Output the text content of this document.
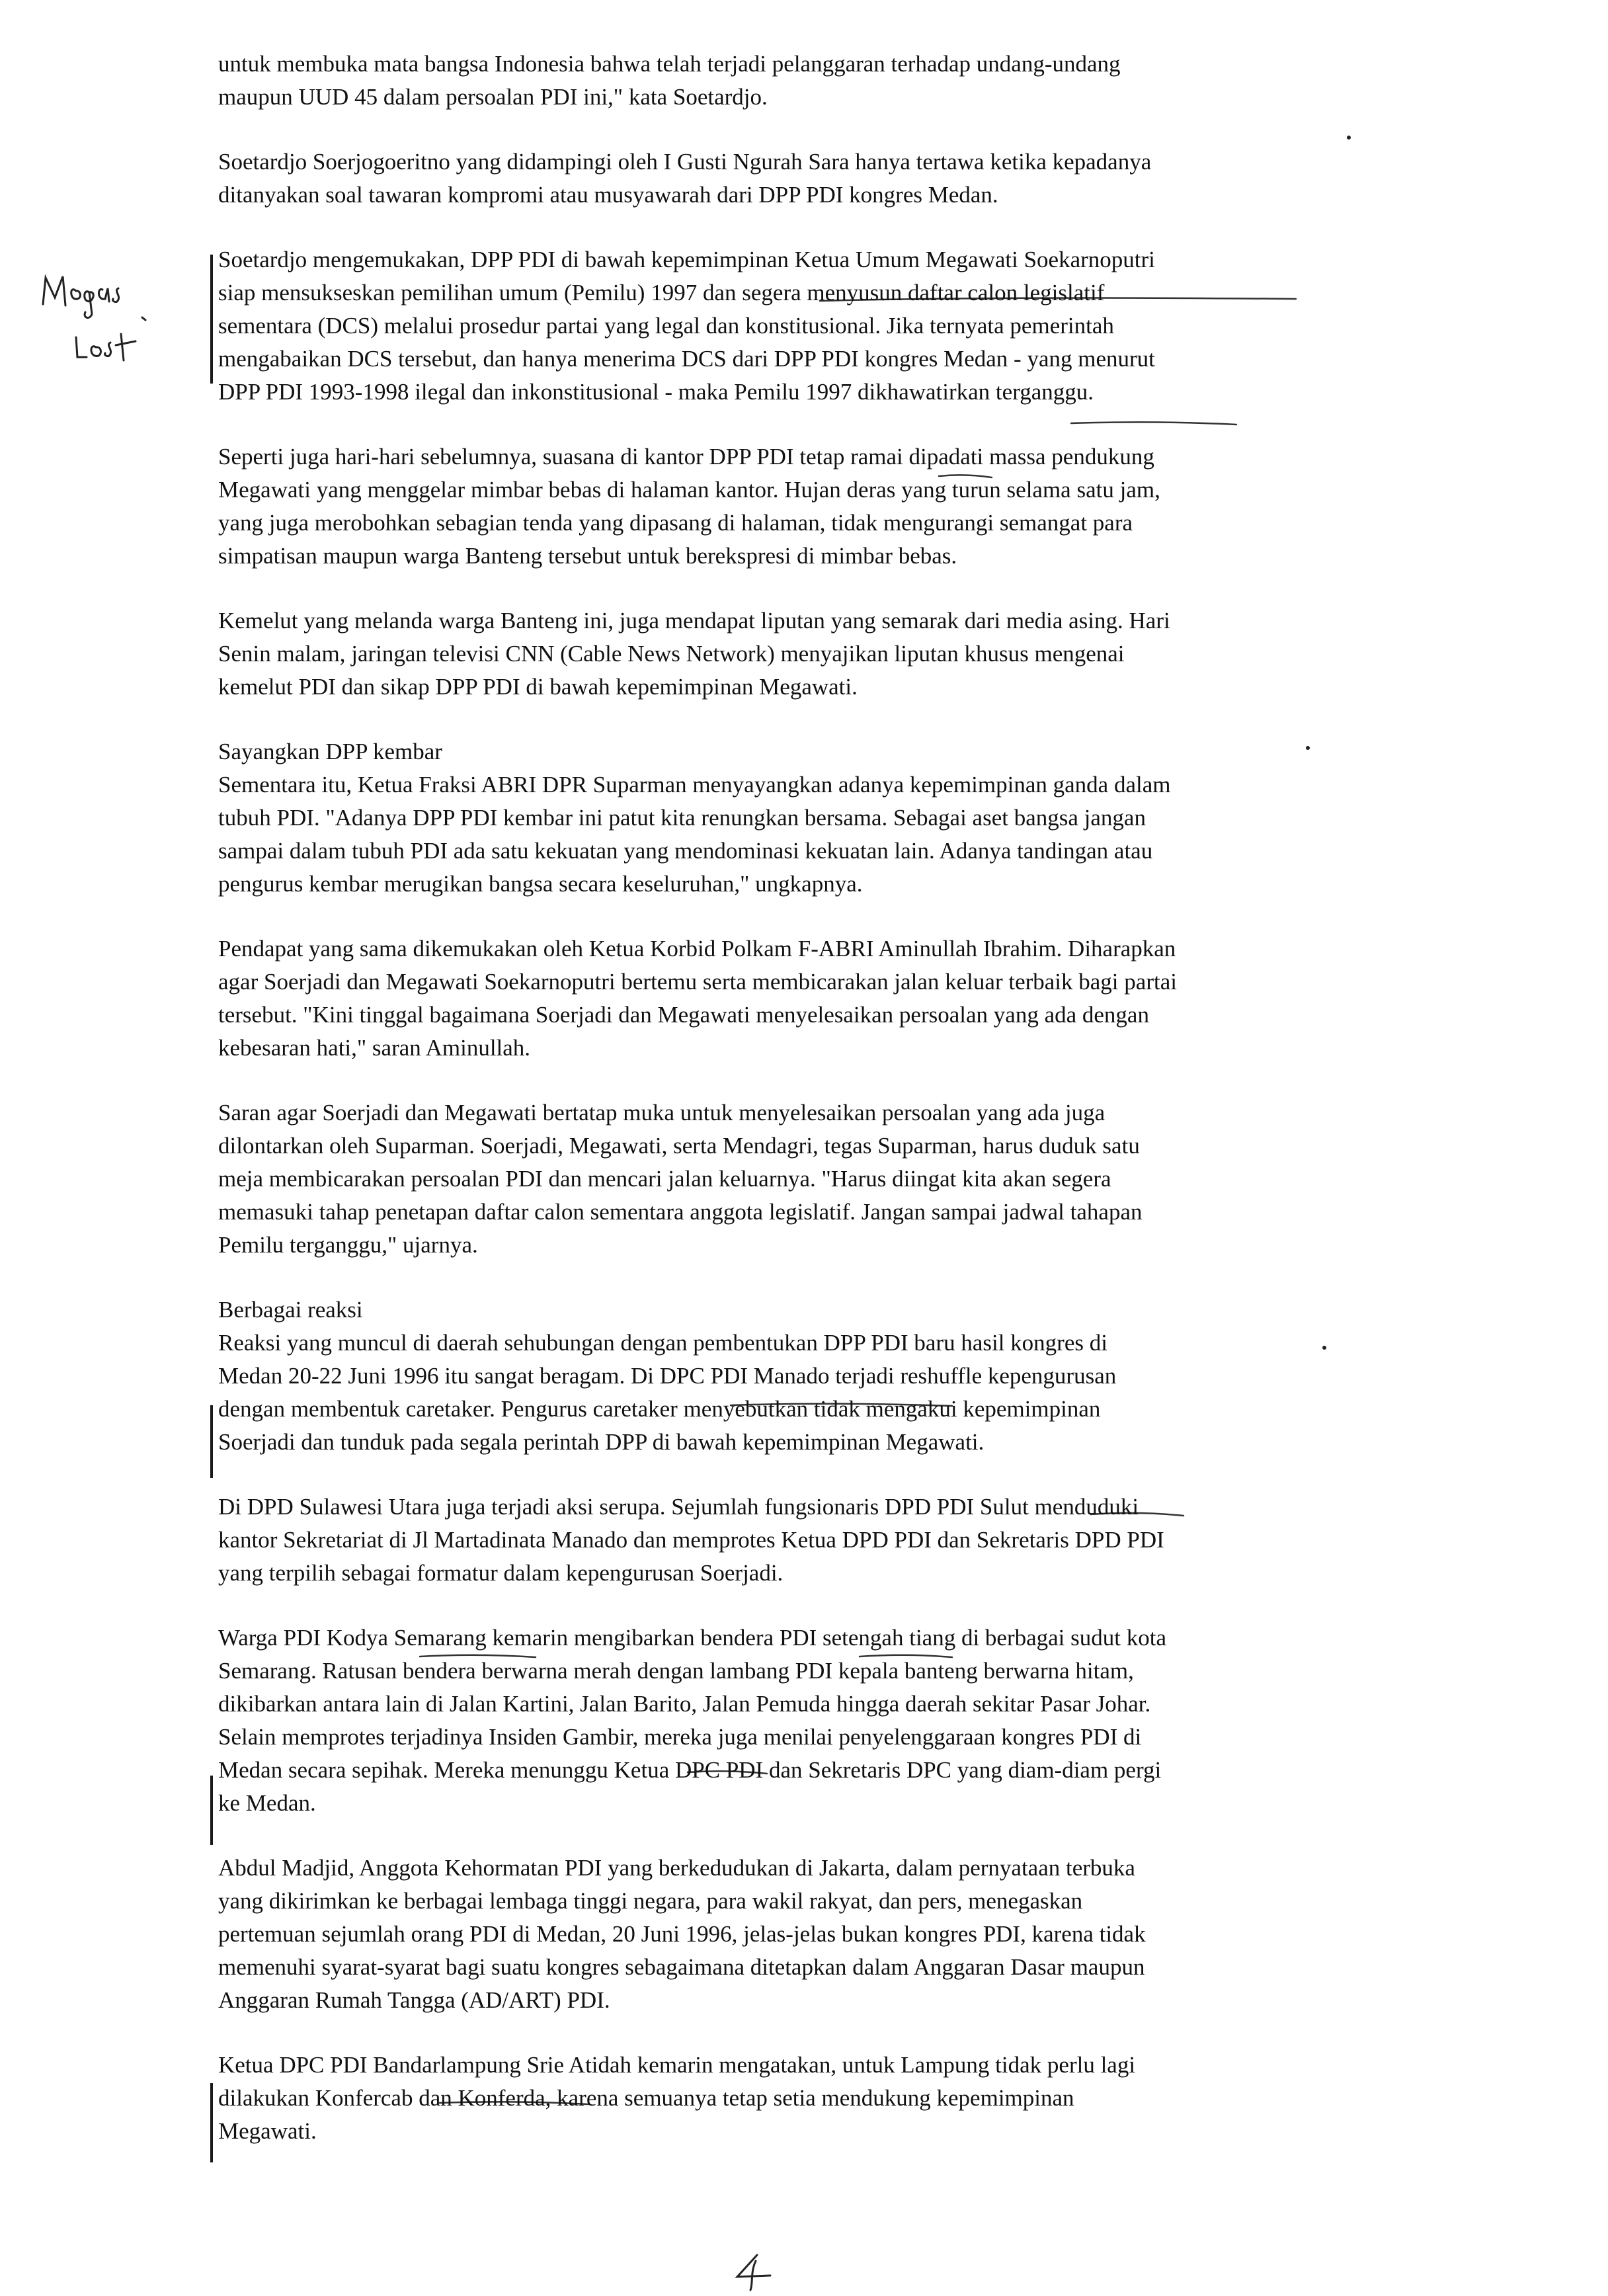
untuk membuka mata bangsa Indonesia bahwa telah terjadi pelanggaran terhadap undang-undang
maupun UUD 45 dalam persoalan PDI ini," kata Soetardjo.

Soetardjo Soerjogoeritno yang didampingi oleh I Gusti Ngurah Sara hanya tertawa ketika kepadanya
ditanyakan soal tawaran kompromi atau musyawarah dari DPP PDI kongres Medan.

Soetardjo mengemukakan, DPP PDI di bawah kepemimpinan Ketua Umum Megawati Soekarnoputri
siap mensukseskan pemilihan umum (Pemilu) 1997 dan segera menyusun daftar calon legislatif
sementara (DCS) melalui prosedur partai yang legal dan konstitusional. Jika ternyata pemerintah
mengabaikan DCS tersebut, dan hanya menerima DCS dari DPP PDI kongres Medan - yang menurut
DPP PDI 1993-1998 ilegal dan inkonstitusional - maka Pemilu 1997 dikhawatirkan terganggu.

Seperti juga hari-hari sebelumnya, suasana di kantor DPP PDI tetap ramai dipadati massa pendukung
Megawati yang menggelar mimbar bebas di halaman kantor. Hujan deras yang turun selama satu jam,
yang juga merobohkan sebagian tenda yang dipasang di halaman, tidak mengurangi semangat para
simpatisan maupun warga Banteng tersebut untuk berekspresi di mimbar bebas.

Kemelut yang melanda warga Banteng ini, juga mendapat liputan yang semarak dari media asing. Hari
Senin malam, jaringan televisi CNN (Cable News Network) menyajikan liputan khusus mengenai
kemelut PDI dan sikap DPP PDI di bawah kepemimpinan Megawati.

Sayangkan DPP kembar
Sementara itu, Ketua Fraksi ABRI DPR Suparman menyayangkan adanya kepemimpinan ganda dalam
tubuh PDI. "Adanya DPP PDI kembar ini patut kita renungkan bersama. Sebagai aset bangsa jangan
sampai dalam tubuh PDI ada satu kekuatan yang mendominasi kekuatan lain. Adanya tandingan atau
pengurus kembar merugikan bangsa secara keseluruhan," ungkapnya.

Pendapat yang sama dikemukakan oleh Ketua Korbid Polkam F-ABRI Aminullah Ibrahim. Diharapkan
agar Soerjadi dan Megawati Soekarnoputri bertemu serta membicarakan jalan keluar terbaik bagi partai
tersebut. "Kini tinggal bagaimana Soerjadi dan Megawati menyelesaikan persoalan yang ada dengan
kebesaran hati," saran Aminullah.

Saran agar Soerjadi dan Megawati bertatap muka untuk menyelesaikan persoalan yang ada juga
dilontarkan oleh Suparman. Soerjadi, Megawati, serta Mendagri, tegas Suparman, harus duduk satu
meja membicarakan persoalan PDI dan mencari jalan keluarnya. "Harus diingat kita akan segera
memasuki tahap penetapan daftar calon sementara anggota legislatif. Jangan sampai jadwal tahapan
Pemilu terganggu," ujarnya.

Berbagai reaksi
Reaksi yang muncul di daerah sehubungan dengan pembentukan DPP PDI baru hasil kongres di
Medan 20-22 Juni 1996 itu sangat beragam. Di DPC PDI Manado terjadi reshuffle kepengurusan
dengan membentuk caretaker. Pengurus caretaker menyebutkan tidak mengakui kepemimpinan
Soerjadi dan tunduk pada segala perintah DPP di bawah kepemimpinan Megawati.

Di DPD Sulawesi Utara juga terjadi aksi serupa. Sejumlah fungsionaris DPD PDI Sulut menduduki
kantor Sekretariat di Jl Martadinata Manado dan memprotes Ketua DPD PDI dan Sekretaris DPD PDI
yang terpilih sebagai formatur dalam kepengurusan Soerjadi.

Warga PDI Kodya Semarang kemarin mengibarkan bendera PDI setengah tiang di berbagai sudut kota
Semarang. Ratusan bendera berwarna merah dengan lambang PDI kepala banteng berwarna hitam,
dikibarkan antara lain di Jalan Kartini, Jalan Barito, Jalan Pemuda hingga daerah sekitar Pasar Johar.
Selain memprotes terjadinya Insiden Gambir, mereka juga menilai penyelenggaraan kongres PDI di
Medan secara sepihak. Mereka menunggu Ketua DPC PDI dan Sekretaris DPC yang diam-diam pergi
ke Medan.

Abdul Madjid, Anggota Kehormatan PDI yang berkedudukan di Jakarta, dalam pernyataan terbuka
yang dikirimkan ke berbagai lembaga tinggi negara, para wakil rakyat, dan pers, menegaskan
pertemuan sejumlah orang PDI di Medan, 20 Juni 1996, jelas-jelas bukan kongres PDI, karena tidak
memenuhi syarat-syarat bagi suatu kongres sebagaimana ditetapkan dalam Anggaran Dasar maupun
Anggaran Rumah Tangga (AD/ART) PDI.

Ketua DPC PDI Bandarlampung Srie Atidah kemarin mengatakan, untuk Lampung tidak perlu lagi
dilakukan Konfercab dan Konferda, karena semuanya tetap setia mendukung kepemimpinan
Megawati.
